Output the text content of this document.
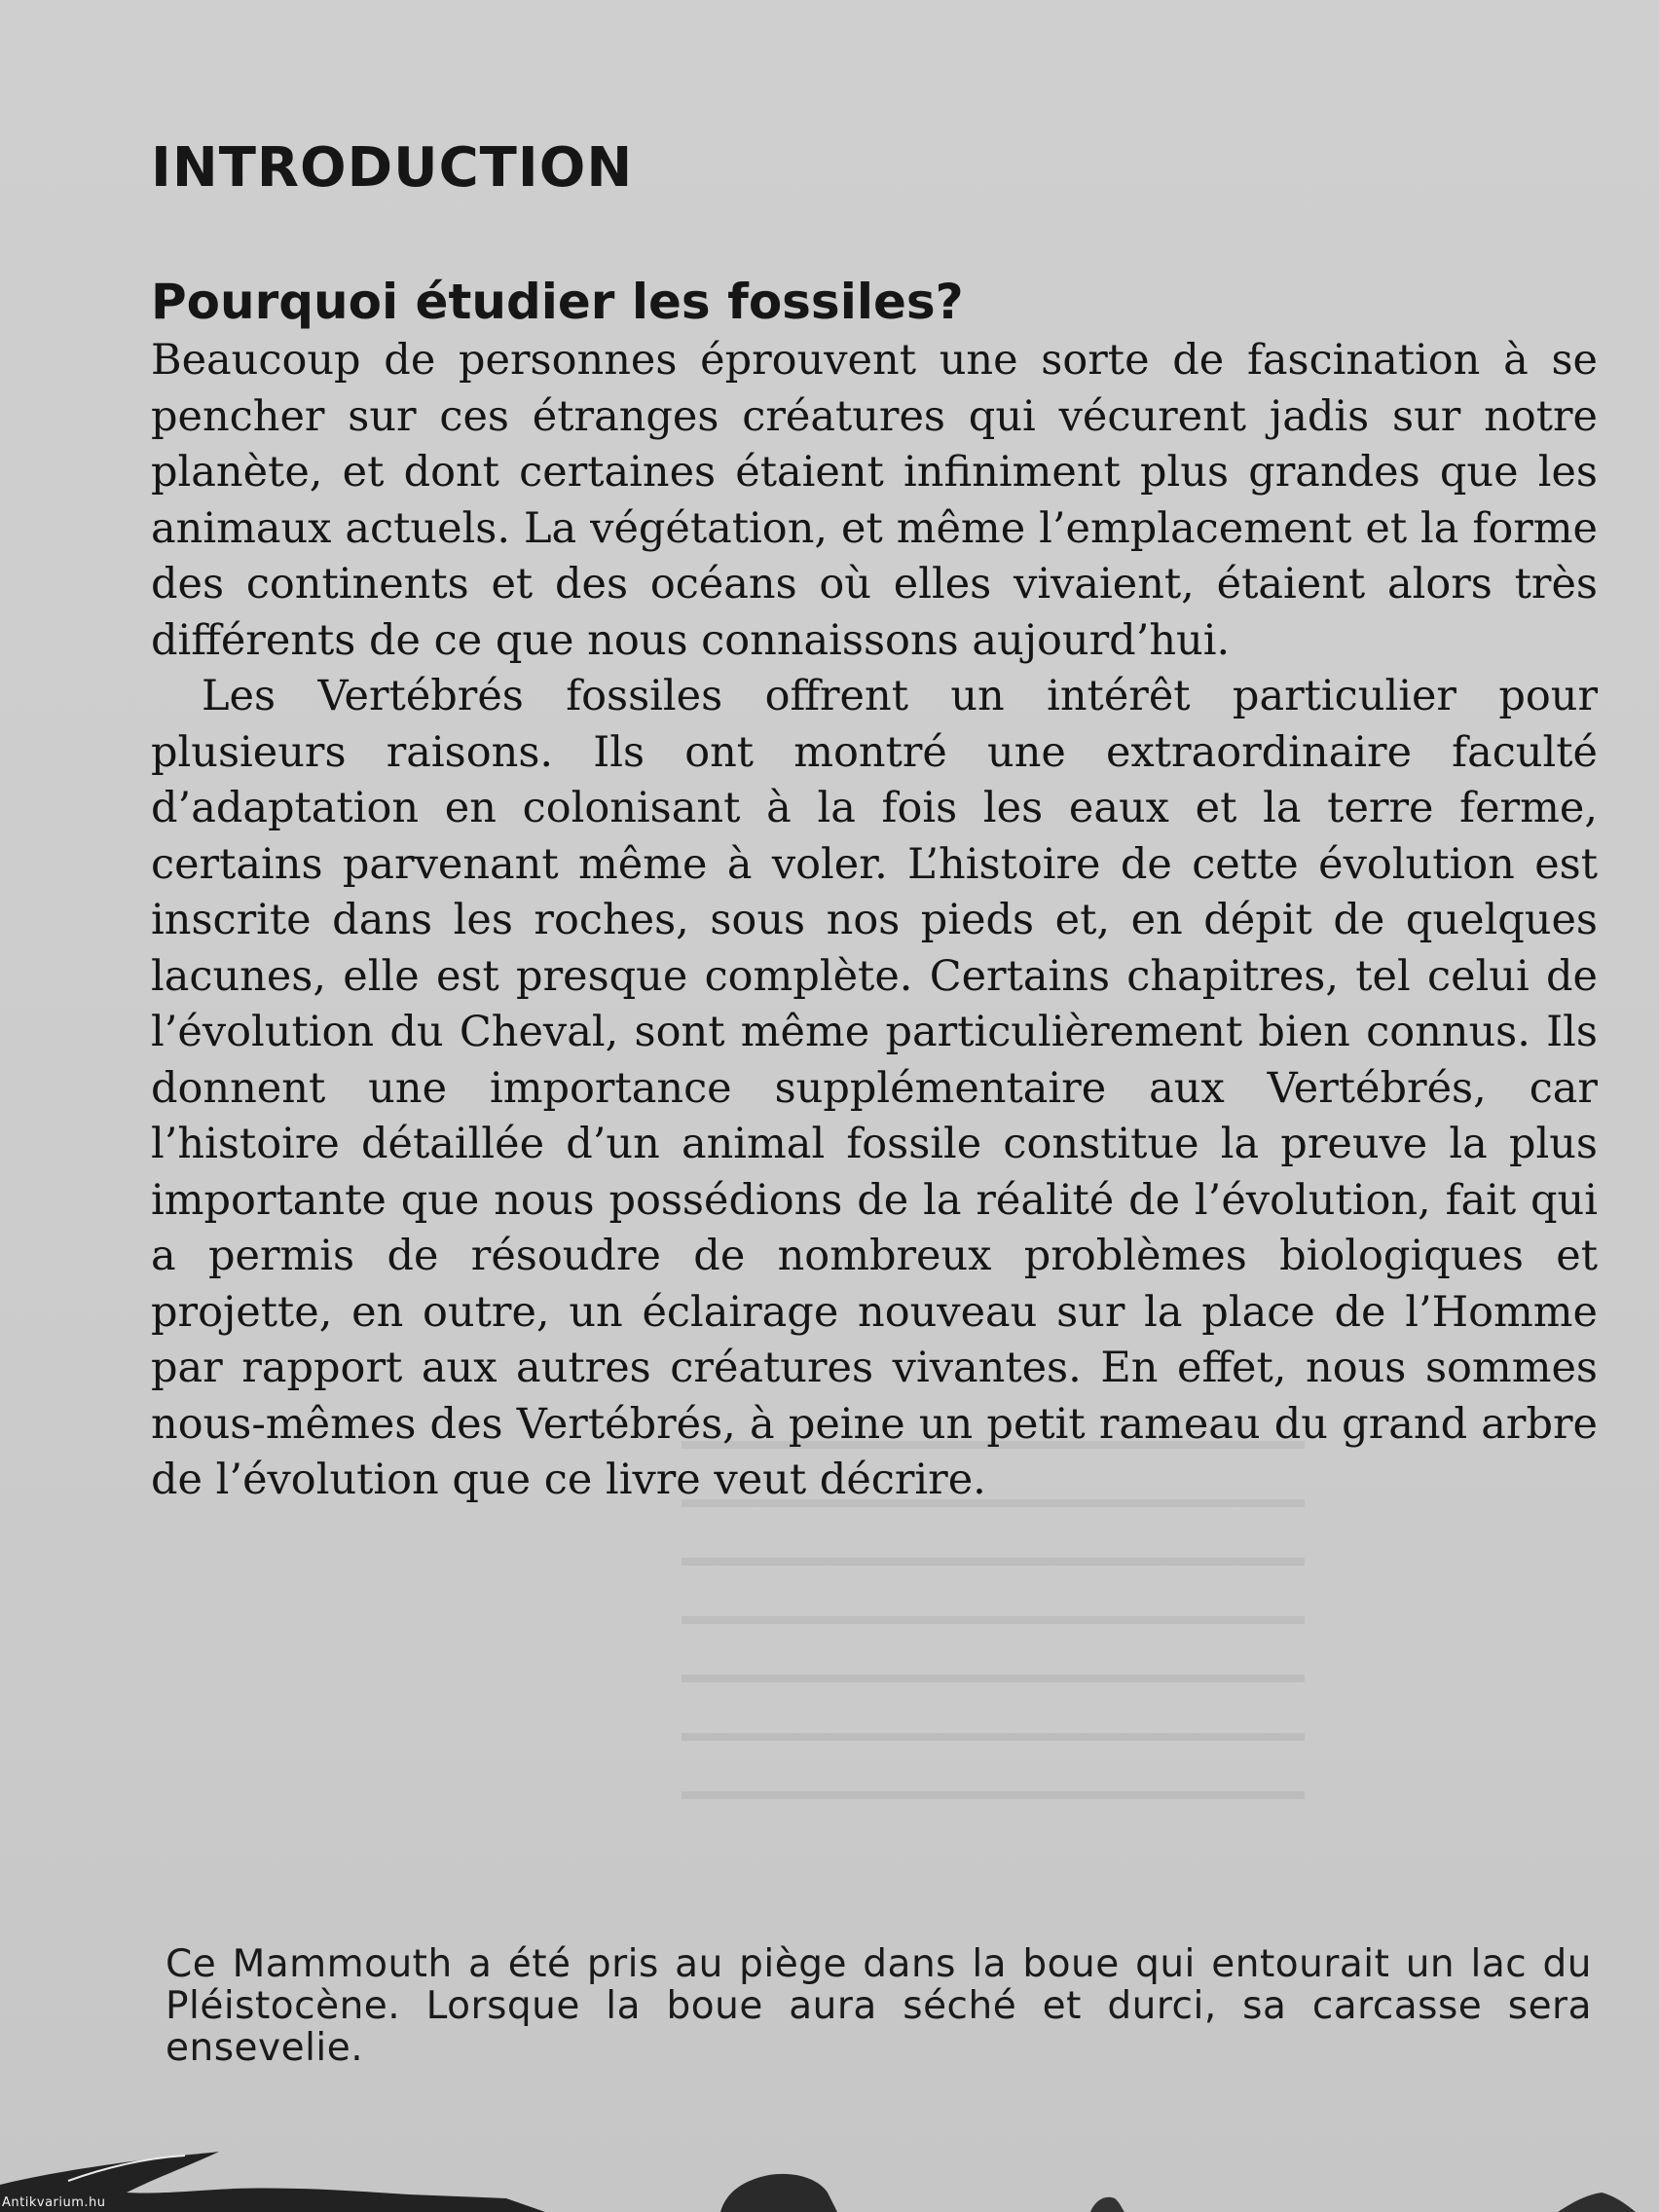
INTRODUCTION
Pourquoi étudier les fossiles?

Beaucoup de personnes éprouvent une sorte de fascination à se pencher sur ces étranges créatures qui vécurent jadis sur notre planète, et dont certaines étaient infiniment plus grandes que les animaux actuels. La végétation, et même l’emplacement et la forme des continents et des océans où elles vivaient, étaient alors très différents de ce que nous connaissons aujourd’hui.

Les Vertébrés fossiles offrent un intérêt particulier pour plusieurs raisons. Ils ont montré une extraordinaire faculté d’adaptation en colonisant à la fois les eaux et la terre ferme, certains parvenant même à voler. L’histoire de cette évolution est inscrite dans les roches, sous nos pieds et, en dépit de quelques lacunes, elle est presque complète. Certains chapitres, tel celui de l’évolution du Cheval, sont même particulièrement bien connus. Ils donnent une importance supplémentaire aux Vertébrés, car l’histoire détaillée d’un animal fossile constitue la preuve la plus importante que nous possédions de la réalité de l’évolution, fait qui a permis de résoudre de nombreux problèmes biologiques et projette, en outre, un éclairage nouveau sur la place de l’Homme par rapport aux autres créatures vivantes. En effet, nous sommes nous-mêmes des Vertébrés, à peine un petit rameau du grand arbre de l’évolution que ce livre veut décrire.

Ce Mammouth a été pris au piège dans la boue qui entourait un lac du Pléistocène. Lorsque la boue aura séché et durci, sa carcasse sera ensevelie.
Antikvarium.hu
